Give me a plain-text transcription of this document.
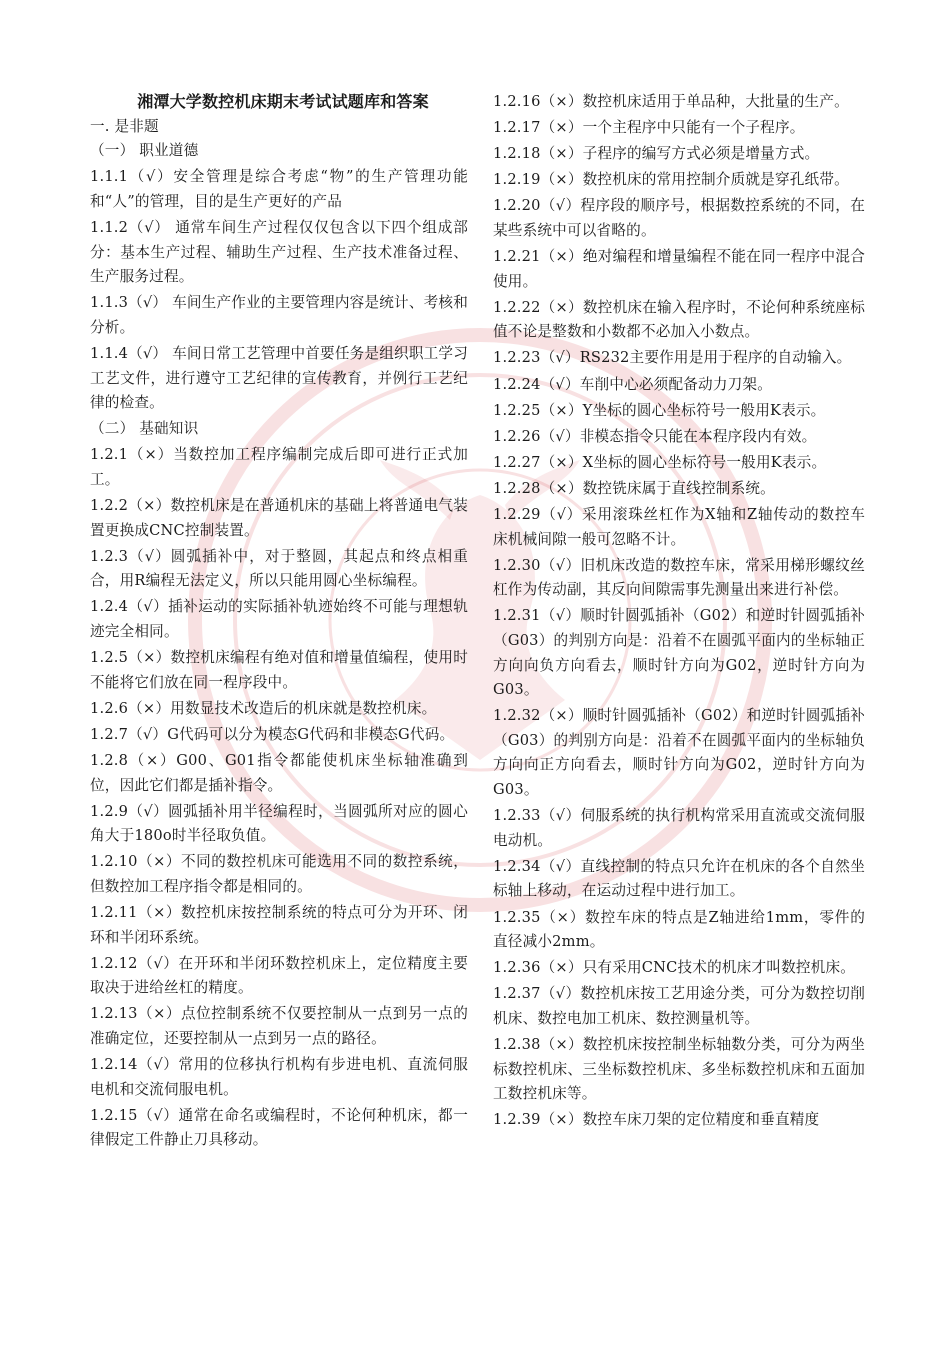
湘潭大学数控机床期末考试试题库和答案
一. 是非题

（一） 职业道德

1.1.1（√）安全管理是综合考虑“物”的生产管理功能和“人”的管理，目的是生产更好的产品

1.1.2（√） 通常车间生产过程仅仅包含以下四个组成部分：基本生产过程、辅助生产过程、生产技术准备过程、生产服务过程。

1.1.3（√） 车间生产作业的主要管理内容是统计、考核和分析。

1.1.4（√） 车间日常工艺管理中首要任务是组织职工学习工艺文件，进行遵守工艺纪律的宣传教育，并例行工艺纪律的检查。

（二） 基础知识

1.2.1（×）当数控加工程序编制完成后即可进行正式加工。

1.2.2（×）数控机床是在普通机床的基础上将普通电气装置更换成CNC控制装置。

1.2.3（√）圆弧插补中，对于整圆，其起点和终点相重合，用R编程无法定义，所以只能用圆心坐标编程。

1.2.4（√）插补运动的实际插补轨迹始终不可能与理想轨迹完全相同。

1.2.5（×）数控机床编程有绝对值和增量值编程，使用时不能将它们放在同一程序段中。

1.2.6（×）用数显技术改造后的机床就是数控机床。

1.2.7（√）G代码可以分为模态G代码和非模态G代码。

1.2.8（×）G00、G01指令都能使机床坐标轴准确到位，因此它们都是插补指令。

1.2.9（√）圆弧插补用半径编程时，当圆弧所对应的圆心角大于180o时半径取负值。

1.2.10（×）不同的数控机床可能选用不同的数控系统，但数控加工程序指令都是相同的。

1.2.11（×）数控机床按控制系统的特点可分为开环、闭环和半闭环系统。

1.2.12（√）在开环和半闭环数控机床上，定位精度主要取决于进给丝杠的精度。

1.2.13（×）点位控制系统不仅要控制从一点到另一点的准确定位，还要控制从一点到另一点的路径。

1.2.14（√）常用的位移执行机构有步进电机、直流伺服电机和交流伺服电机。

1.2.15（√）通常在命名或编程时，不论何种机床，都一律假定工件静止刀具移动。

1.2.16（×）数控机床适用于单品种，大批量的生产。

1.2.17（×）一个主程序中只能有一个子程序。

1.2.18（×）子程序的编写方式必须是增量方式。

1.2.19（×）数控机床的常用控制介质就是穿孔纸带。

1.2.20（√）程序段的顺序号，根据数控系统的不同，在某些系统中可以省略的。

1.2.21（×）绝对编程和增量编程不能在同一程序中混合使用。

1.2.22（×）数控机床在输入程序时，不论何种系统座标值不论是整数和小数都不必加入小数点。

1.2.23（√）RS232主要作用是用于程序的自动输入。

1.2.24（√）车削中心必须配备动力刀架。

1.2.25（×）Y坐标的圆心坐标符号一般用K表示。

1.2.26（√）非模态指令只能在本程序段内有效。

1.2.27（×）X坐标的圆心坐标符号一般用K表示。

1.2.28（×）数控铣床属于直线控制系统。

1.2.29（√）采用滚珠丝杠作为X轴和Z轴传动的数控车床机械间隙一般可忽略不计。

1.2.30（√）旧机床改造的数控车床，常采用梯形螺纹丝杠作为传动副，其反向间隙需事先测量出来进行补偿。

1.2.31（√）顺时针圆弧插补（G02）和逆时针圆弧插补（G03）的判别方向是：沿着不在圆弧平面内的坐标轴正方向向负方向看去，顺时针方向为G02，逆时针方向为G03。

1.2.32（×）顺时针圆弧插补（G02）和逆时针圆弧插补（G03）的判别方向是：沿着不在圆弧平面内的坐标轴负方向向正方向看去，顺时针方向为G02，逆时针方向为G03。

1.2.33（√）伺服系统的执行机构常采用直流或交流伺服电动机。

1.2.34（√）直线控制的特点只允许在机床的各个自然坐标轴上移动，在运动过程中进行加工。

1.2.35（×）数控车床的特点是Z轴进给1mm，零件的直径减小2mm。

1.2.36（×）只有采用CNC技术的机床才叫数控机床。

1.2.37（√）数控机床按工艺用途分类，可分为数控切削机床、数控电加工机床、数控测量机等。

1.2.38（×）数控机床按控制坐标轴数分类，可分为两坐标数控机床、三坐标数控机床、多坐标数控机床和五面加工数控机床等。

1.2.39（×）数控车床刀架的定位精度和垂直精度
